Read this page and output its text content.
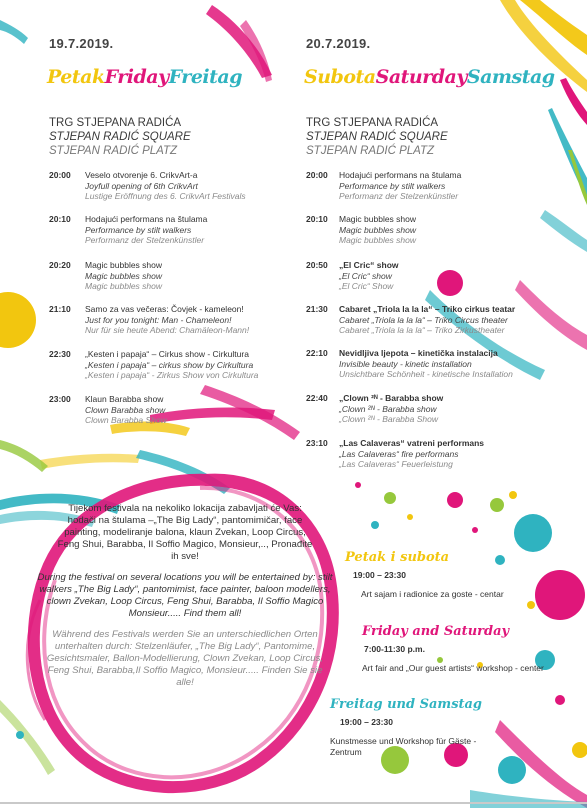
19.7.2019.
PetakFridayFreitag
TRG STJEPANA RADIĆA
STJEPAN RADIĆ SQUARE
STJEPAN RADIĆ PLATZ
20:00 Veselo otvorenje 6. CrikvArt-a
Joyfull opening of 6th CrikvArt
Lustige Eröffnung des 6. CrikvArt Festivals
20:10 Hodajući performans na štulama
Performance by stilt walkers
Performanz der Stelzenkünstler
20:20 Magic bubbles show
Magic bubbles show
Magic bubbles show
21:10 Samo za vas večeras: Čovjek - kameleon!
Just for you tonight: Man - Chameleon!
Nur für sie heute Abend: Chamäleon-Mann!
22:30 „Kesten i papaja“ – Cirkus show - Cirkultura
„Kesten i papaja“ – cirkus show by Cirkultura
„Kesten i papaja“ - Zirkus Show von Cirkultura
23:00 Klaun Barabba show
Clown Barabba show
Clown Barabba Show
20.7.2019.
SubotaSaturdaySamstag
TRG STJEPANA RADIĆA
STJEPAN RADIĆ SQUARE
STJEPAN RADIĆ PLATZ
20:00 Hodajući performans na štulama
Performance by stilt walkers
Performanz der Stelzenkünstler
20:10 Magic bubbles show
Magic bubbles show
Magic bubbles show
20:50 „El Cric“ show
„El Cric“ show
„El Cric“ Show
21:30 Cabaret „Triola la la la“ – Triko cirkus teatar
Cabaret „Triola la la la“ – Triko Circus theater
Cabaret „Triola la la la“ – Triko Zirkustheater
22:10 Nevidljiva ljepota – kinetička instalacija
Invisible beauty - kinetic installation
Unsichtbare Schönheit - kinetische Installation
22:40 „Clown ²ᴺ - Barabba show
„Clown ²ᴺ - Barabba show
„Clown ²ᴺ - Barabba Show
23:10 „Las Calaveras“ vatreni performans
„Las Calaveras“ fire performans
„Las Calaveras“ Feuerleistung
Tijekom festivala na nekoliko lokacija zabavljati će Vas: hodači na štulama –„The Big Lady“, pantomimičar, face painting, modeliranje balona, klaun Zvekan, Loop Circus, Feng Shui, Barabba, Il Soffio Magico, Monsieur,.., Pronađite ih sve!
During the festival on several locations you will be entertained by: stilt walkers „The Big Lady“, pantomimist, face painter, baloon modellers, clown Zvekan, Loop Circus, Feng Shui, Barabba, Il Soffio Magico Monsieur..... Find them all!
Während des Festivals werden Sie an unterschiedlichen Orten unterhalten durch: Stelzenläufer, „The Big Lady“, Pantomime, Gesichtsmaler, Ballon-Modellierung, Clown Zvekan, Loop Circus, Feng Shui, Barabba,Il Soffio Magico, Monsieur..... Finden Sie sie alle!
Petak i subota
19:00 – 23:30
Art sajam i radionice za goste - centar
Friday and Saturday
7:00-11:30 p.m.
Art fair and „Our guest artists“ workshop - center
Freitag und Samstag
19:00 – 23:30
Kunstmesse und Workshop für Gäste - Zentrum
